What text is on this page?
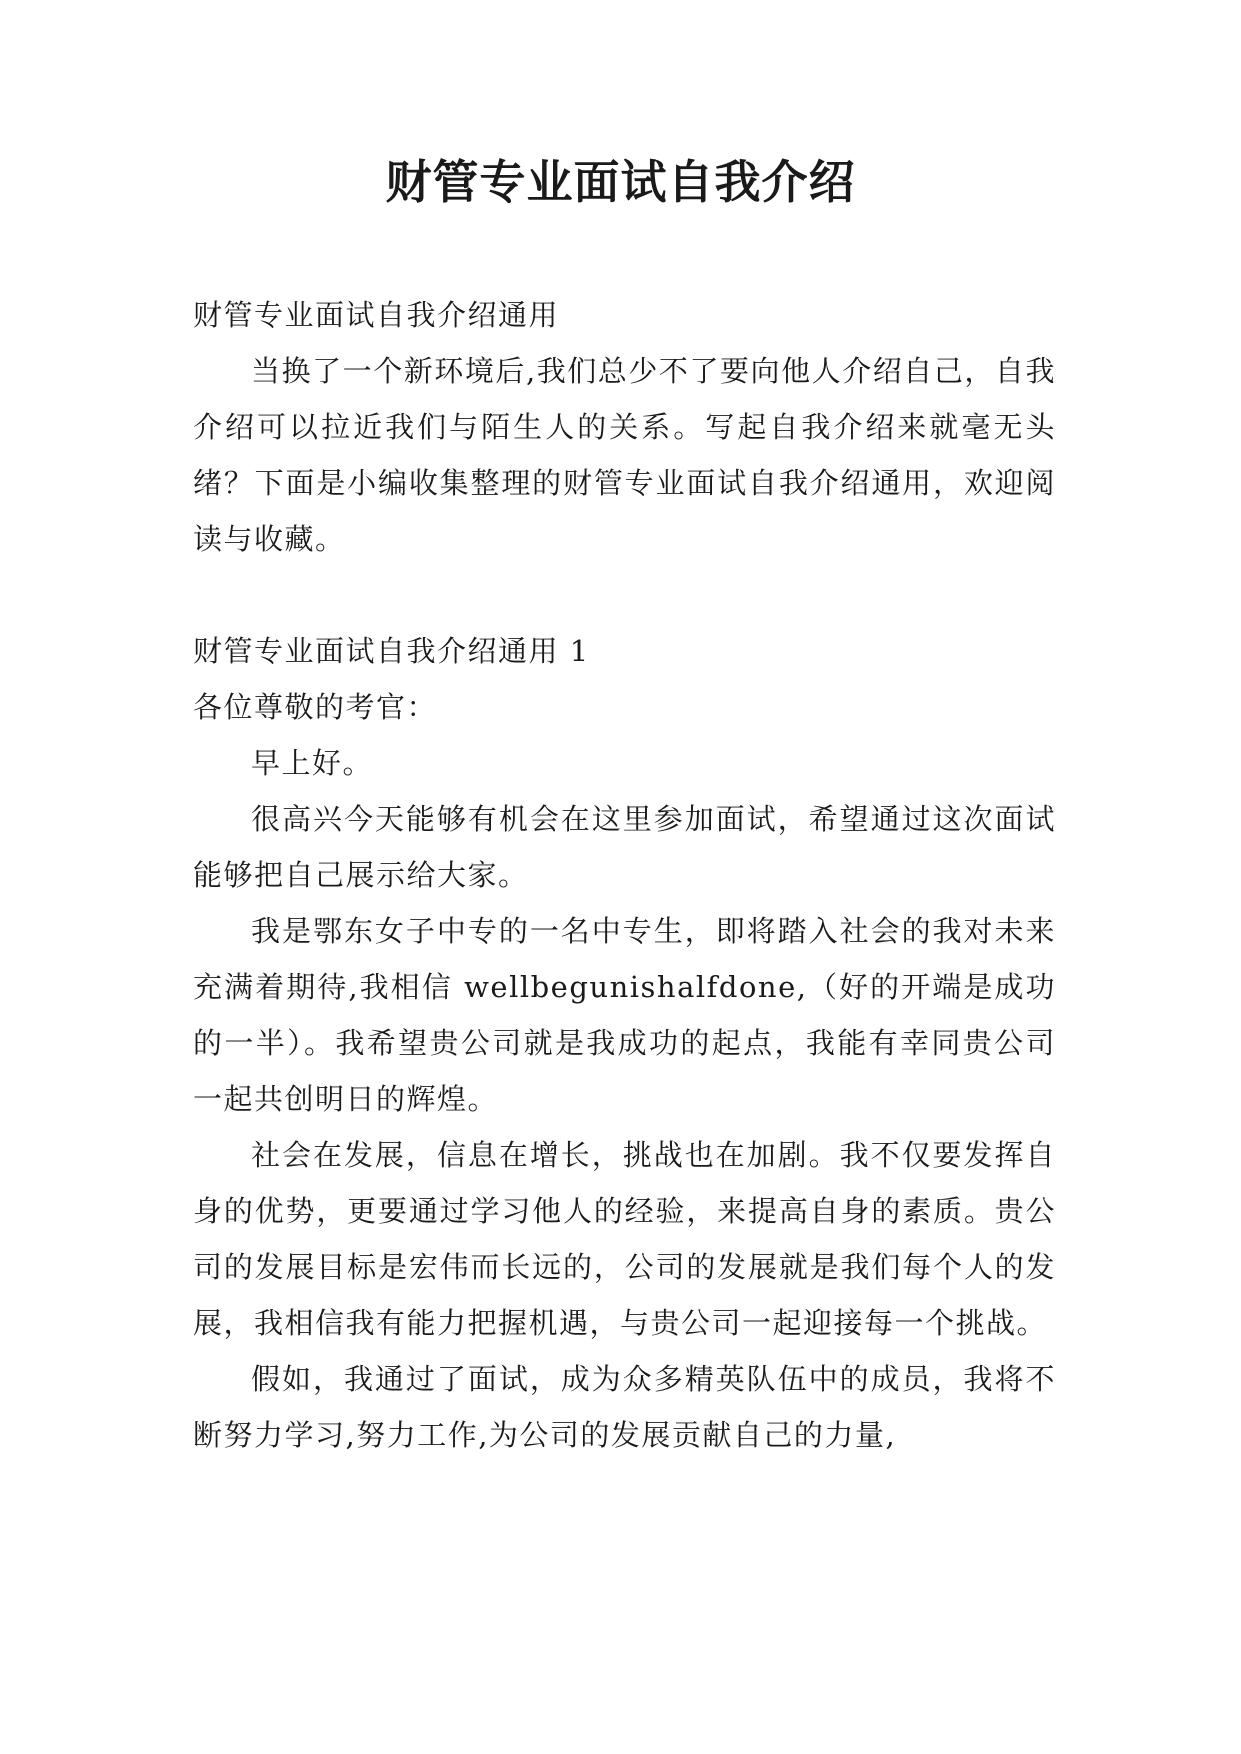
财管专业面试自我介绍

财管专业面试自我介绍通用

当换了一个新环境后,我们总少不了要向他人介绍自己，自我介绍可以拉近我们与陌生人的关系。写起自我介绍来就毫无头绪？下面是小编收集整理的财管专业面试自我介绍通用，欢迎阅读与收藏。

财管专业面试自我介绍通用 1

各位尊敬的考官：

早上好。

很高兴今天能够有机会在这里参加面试，希望通过这次面试能够把自己展示给大家。

我是鄂东女子中专的一名中专生，即将踏入社会的我对未来充满着期待,我相信 wellbegunishalfdone,（好的开端是成功的一半）。我希望贵公司就是我成功的起点，我能有幸同贵公司一起共创明日的辉煌。

社会在发展，信息在增长，挑战也在加剧。我不仅要发挥自身的优势，更要通过学习他人的经验，来提高自身的素质。贵公司的发展目标是宏伟而长远的，公司的发展就是我们每个人的发展，我相信我有能力把握机遇，与贵公司一起迎接每一个挑战。

假如，我通过了面试，成为众多精英队伍中的成员，我将不断努力学习,努力工作,为公司的发展贡献自己的力量,
